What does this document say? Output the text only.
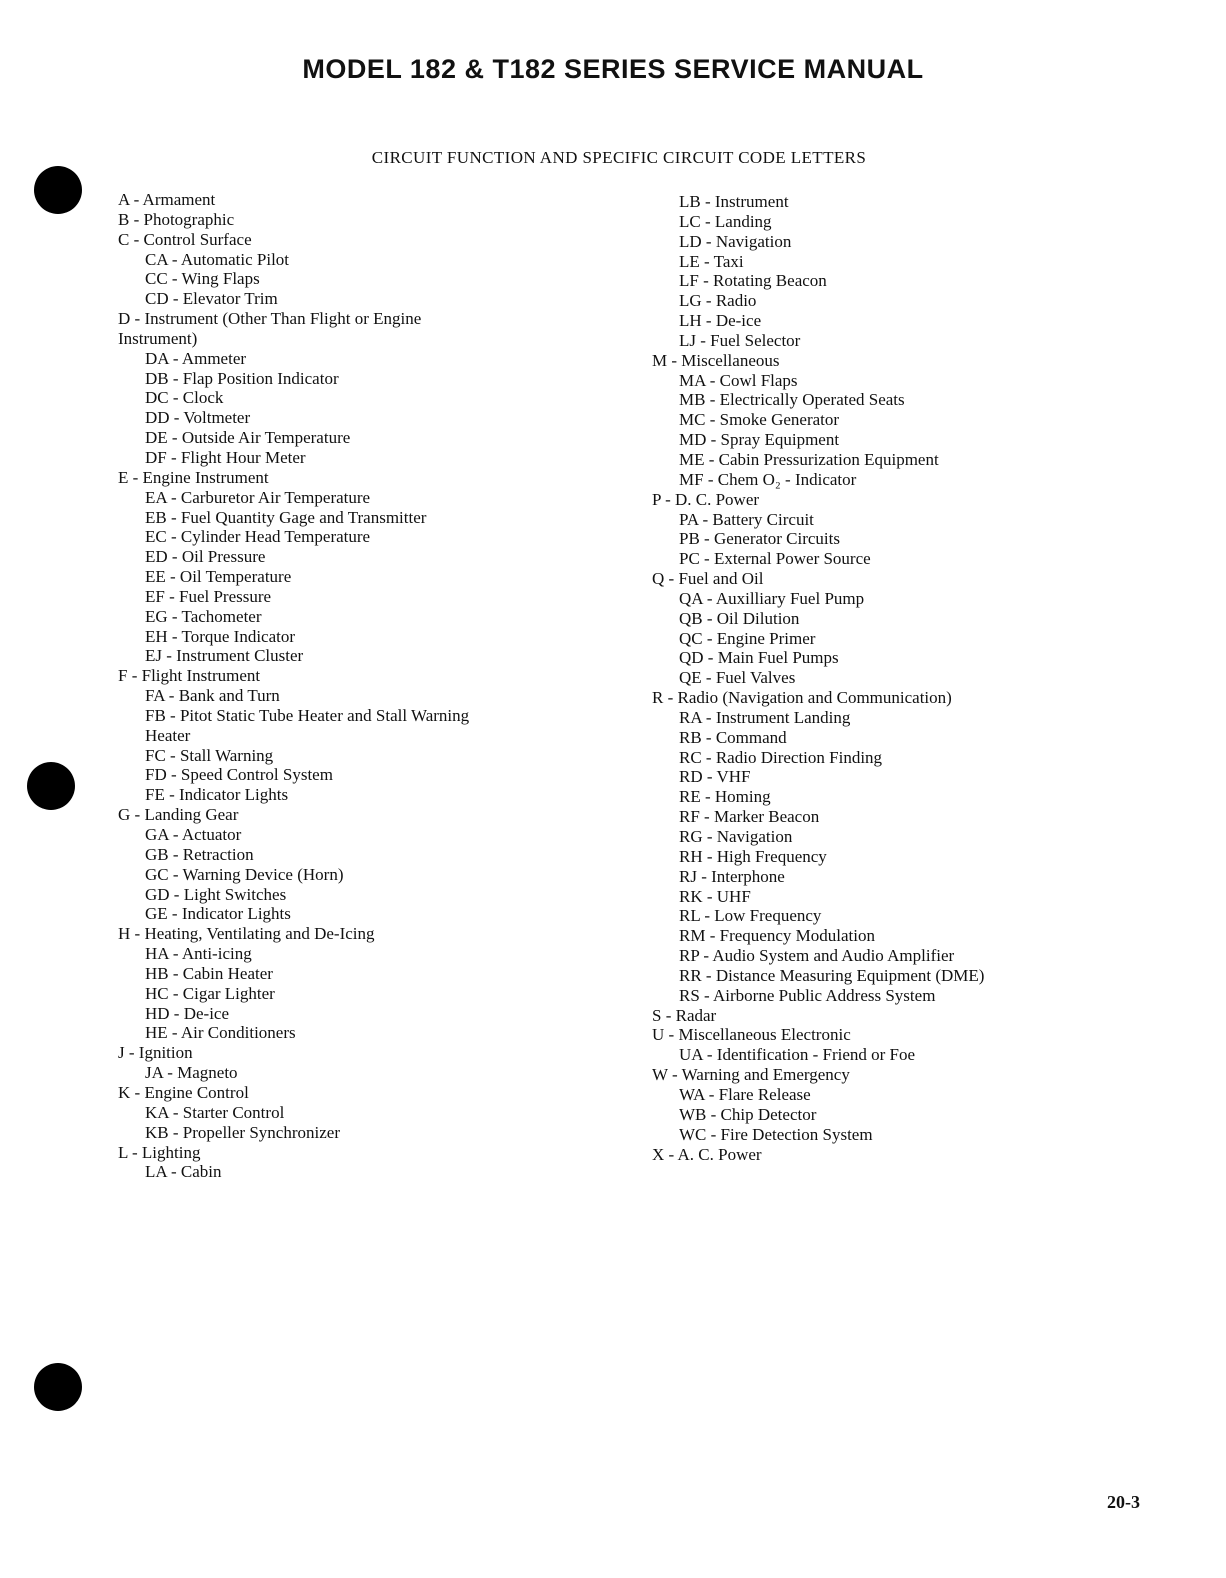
MODEL 182 & T182 SERIES SERVICE MANUAL
CIRCUIT FUNCTION AND SPECIFIC CIRCUIT CODE LETTERS
A - Armament
B - Photographic
C - Control Surface
CA - Automatic Pilot
CC - Wing Flaps
CD - Elevator Trim
D - Instrument (Other Than Flight or Engine
Instrument)
DA - Ammeter
DB - Flap Position Indicator
DC - Clock
DD - Voltmeter
DE - Outside Air Temperature
DF - Flight Hour Meter
E - Engine Instrument
EA - Carburetor Air Temperature
EB - Fuel Quantity Gage and Transmitter
EC - Cylinder Head Temperature
ED - Oil Pressure
EE - Oil Temperature
EF - Fuel Pressure
EG - Tachometer
EH - Torque Indicator
EJ - Instrument Cluster
F - Flight Instrument
FA - Bank and Turn
FB - Pitot Static Tube Heater and Stall Warning
Heater
FC - Stall Warning
FD - Speed Control System
FE - Indicator Lights
G - Landing Gear
GA - Actuator
GB - Retraction
GC - Warning Device (Horn)
GD - Light Switches
GE - Indicator Lights
H - Heating, Ventilating and De-Icing
HA - Anti-icing
HB - Cabin Heater
HC - Cigar Lighter
HD - De-ice
HE - Air Conditioners
J - Ignition
JA - Magneto
K - Engine Control
KA - Starter Control
KB - Propeller Synchronizer
L - Lighting
LA - Cabin
LB - Instrument
LC - Landing
LD - Navigation
LE - Taxi
LF - Rotating Beacon
LG - Radio
LH - De-ice
LJ - Fuel Selector
M - Miscellaneous
MA - Cowl Flaps
MB - Electrically Operated Seats
MC - Smoke Generator
MD - Spray Equipment
ME - Cabin Pressurization Equipment
MF - Chem O₂ - Indicator
P - D. C. Power
PA - Battery Circuit
PB - Generator Circuits
PC - External Power Source
Q - Fuel and Oil
QA - Auxilliary Fuel Pump
QB - Oil Dilution
QC - Engine Primer
QD - Main Fuel Pumps
QE - Fuel Valves
R - Radio (Navigation and Communication)
RA - Instrument Landing
RB - Command
RC - Radio Direction Finding
RD - VHF
RE - Homing
RF - Marker Beacon
RG - Navigation
RH - High Frequency
RJ - Interphone
RK - UHF
RL - Low Frequency
RM - Frequency Modulation
RP - Audio System and Audio Amplifier
RR - Distance Measuring Equipment (DME)
RS - Airborne Public Address System
S - Radar
U - Miscellaneous Electronic
UA - Identification - Friend or Foe
W - Warning and Emergency
WA - Flare Release
WB - Chip Detector
WC - Fire Detection System
X - A. C. Power
20-3
